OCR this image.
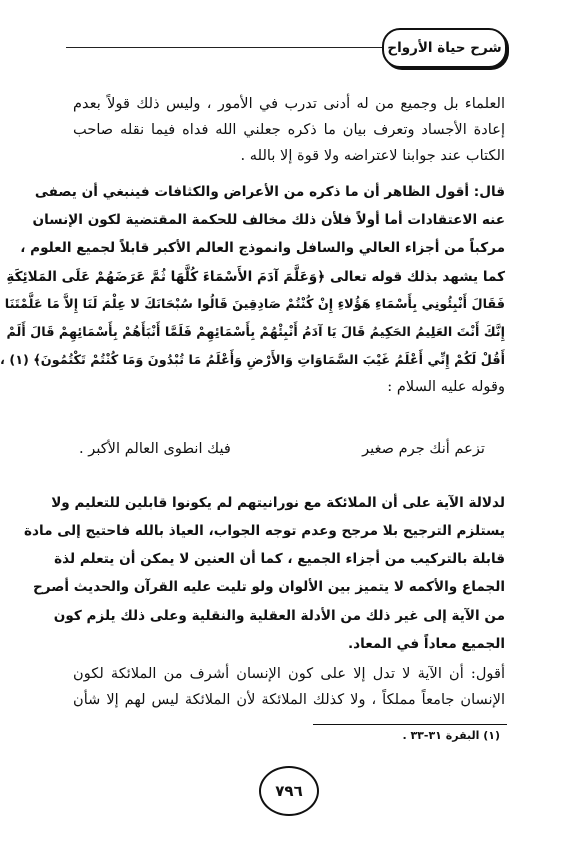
شرح حياة الأرواح
العلماء بل وجميع من له أدنى تدرب في الأمور ، وليس ذلك قولاً بعدم
إعادة الأجساد وتعرف بيان ما ذكره جعلني الله فداه فيما نقله صاحب
الكتاب عند جوابنا لاعتراضه ولا قوة إلا بالله .
قال: أقول الظاهر أن ما ذكره من الأعراض والكثافات فينبغي أن يصفى
عنه الاعتقادات أما أولاً فلأن ذلك مخالف للحكمة المقتضية لكون الإنسان
مركباً من أجزاء العالي والسافل وانموذج العالم الأكبر قابلاً لجميع العلوم ،
كما يشهد بذلك قوله تعالى ﴿وَعَلَّمَ آدَمَ الأَسْمَاءَ كُلَّهَا ثُمَّ عَرَضَهُمْ عَلَى المَلائِكَةِ
فَقَالَ أَنْبِئُونِي بِأَسْمَاءِ هَؤُلاءِ إِنْ كُنْتُمْ صَادِقِينَ قَالُوا سُبْحَانَكَ لا عِلْمَ لَنَا إِلاَّ مَا عَلَّمْتَنَا
إِنَّكَ أَنْتَ العَلِيمُ الحَكِيمُ قَالَ يَا آدَمُ أَنْبِئْهُمْ بِأَسْمَائِهِمْ فَلَمَّا أَنْبَأَهُمْ بِأَسْمَائِهِمْ قَالَ أَلَمْ
أَقُلْ لَكُمْ إِنِّي أَعْلَمُ غَيْبَ السَّمَاوَاتِ وَالأَرْضِ وَأَعْلَمُ مَا تُبْدُونَ وَمَا كُنْتُمْ تَكْتُمُونَ﴾ (١) ،
وقوله عليه السلام :
تزعم أنك جرم صغير
فيك انطوى العالم الأكبر .
لدلالة الآية على أن الملائكة مع نورانيتهم لم يكونوا قابلين للتعليم ولا
يستلزم الترجيح بلا مرجح وعدم توجه الجواب، العياذ بالله فاحتيج إلى مادة
قابلة بالتركيب من أجزاء الجميع ، كما أن العنين لا يمكن أن يتعلم لذة
الجماع والأكمه لا يتميز بين الألوان ولو تليت عليه القرآن والحديث أصرح
من الآية إلى غير ذلك من الأدلة العقلية والنقلية وعلى ذلك يلزم كون
الجميع معاداً في المعاد.
أقول: أن الآية لا تدل إلا على كون الإنسان أشرف من الملائكة لكون
الإنسان جامعاً مملكاً ، ولا كذلك الملائكة لأن الملائكة ليس لهم إلا شأن
(١) البقرة ٣١-٣٣ .
٧٩٦
